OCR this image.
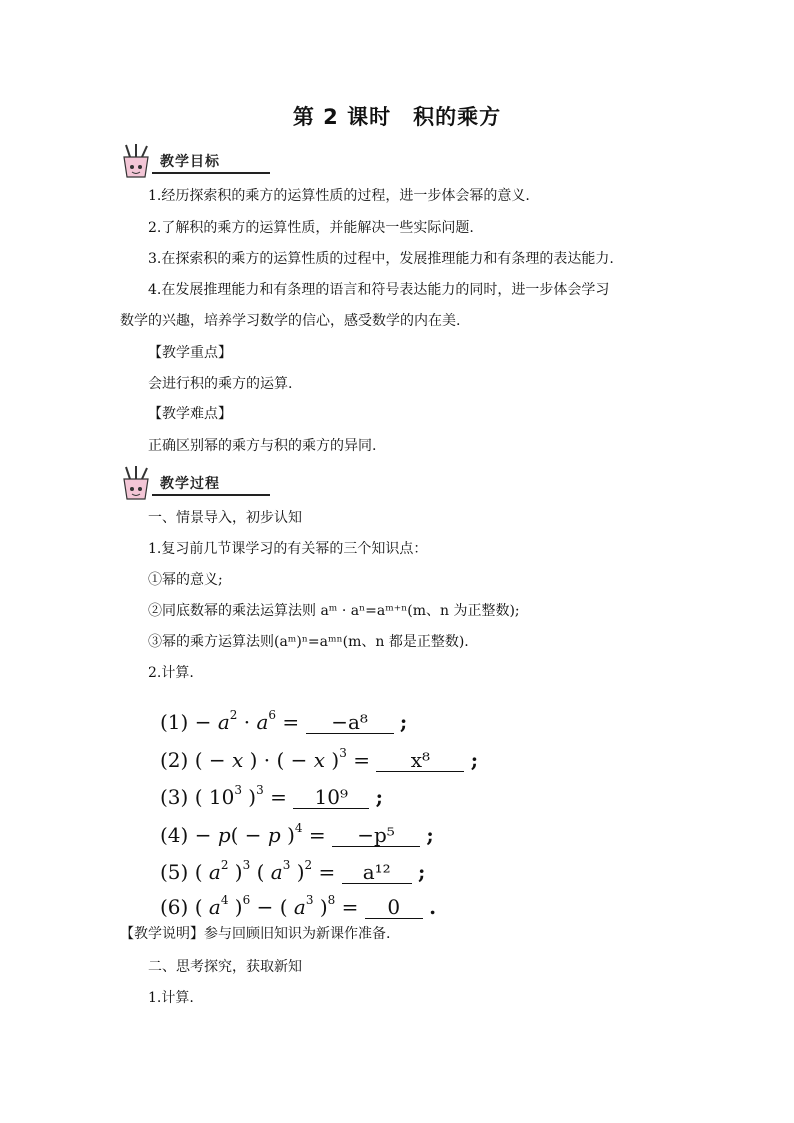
第 2 课时　积的乘方
教学目标
1.经历探索积的乘方的运算性质的过程，进一步体会幂的意义.
2.了解积的乘方的运算性质，并能解决一些实际问题.
3.在探索积的乘方的运算性质的过程中，发展推理能力和有条理的表达能力.
4.在发展推理能力和有条理的语言和符号表达能力的同时，进一步体会学习
数学的兴趣，培养学习数学的信心，感受数学的内在美.
【教学重点】
会进行积的乘方的运算.
【教学难点】
正确区别幂的乘方与积的乘方的异同.
教学过程
一、情景导入，初步认知
1.复习前几节课学习的有关幂的三个知识点：
①幂的意义;
②同底数幂的乘法运算法则 aᵐ · aⁿ=aᵐ⁺ⁿ(m、n 为正整数);
③幂的乘方运算法则(aᵐ)ⁿ=aᵐⁿ(m、n 都是正整数).
2.计算.
$(1) - a^2 \cdot a^6 = -a^8$ ;
(2) ( − x ) · ( − x )$^3$ = x⁸ ;
(3) ( $10^3$ )$^3$ = 10⁹ ;
(4) − p( − p )$^4$ = −p⁵ ;
(5) ( $a^2$ )$^3$ ( $a^3$ )$^2$ = a¹² ;
(6) ( $a^4$ )$^6$ − ( $a^3$ )$^8$ = 0 .
【教学说明】参与回顾旧知识为新课作准备.
二、思考探究，获取新知
1.计算.
